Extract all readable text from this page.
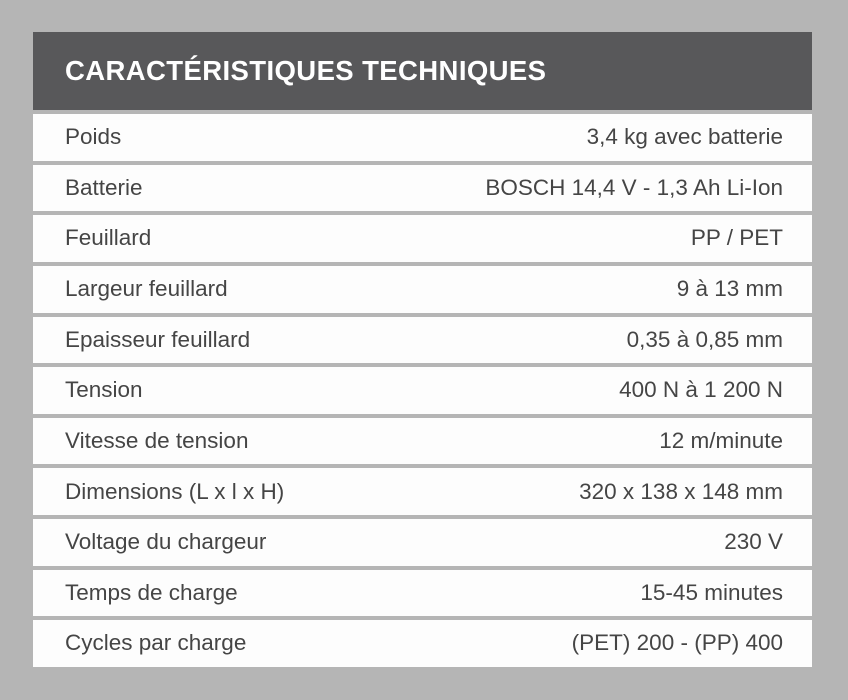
CARACTÉRISTIQUES TECHNIQUES
Poids	3,4 kg avec batterie
Batterie	BOSCH 14,4 V - 1,3 Ah Li-Ion
Feuillard	PP / PET
Largeur feuillard	9 à 13 mm
Epaisseur feuillard	0,35 à 0,85 mm
Tension	400 N à 1 200 N
Vitesse de tension	12 m/minute
Dimensions (L x l x H)	320 x 138 x 148 mm
Voltage du chargeur	230 V
Temps de charge	15-45 minutes
Cycles par charge	(PET) 200 - (PP) 400
